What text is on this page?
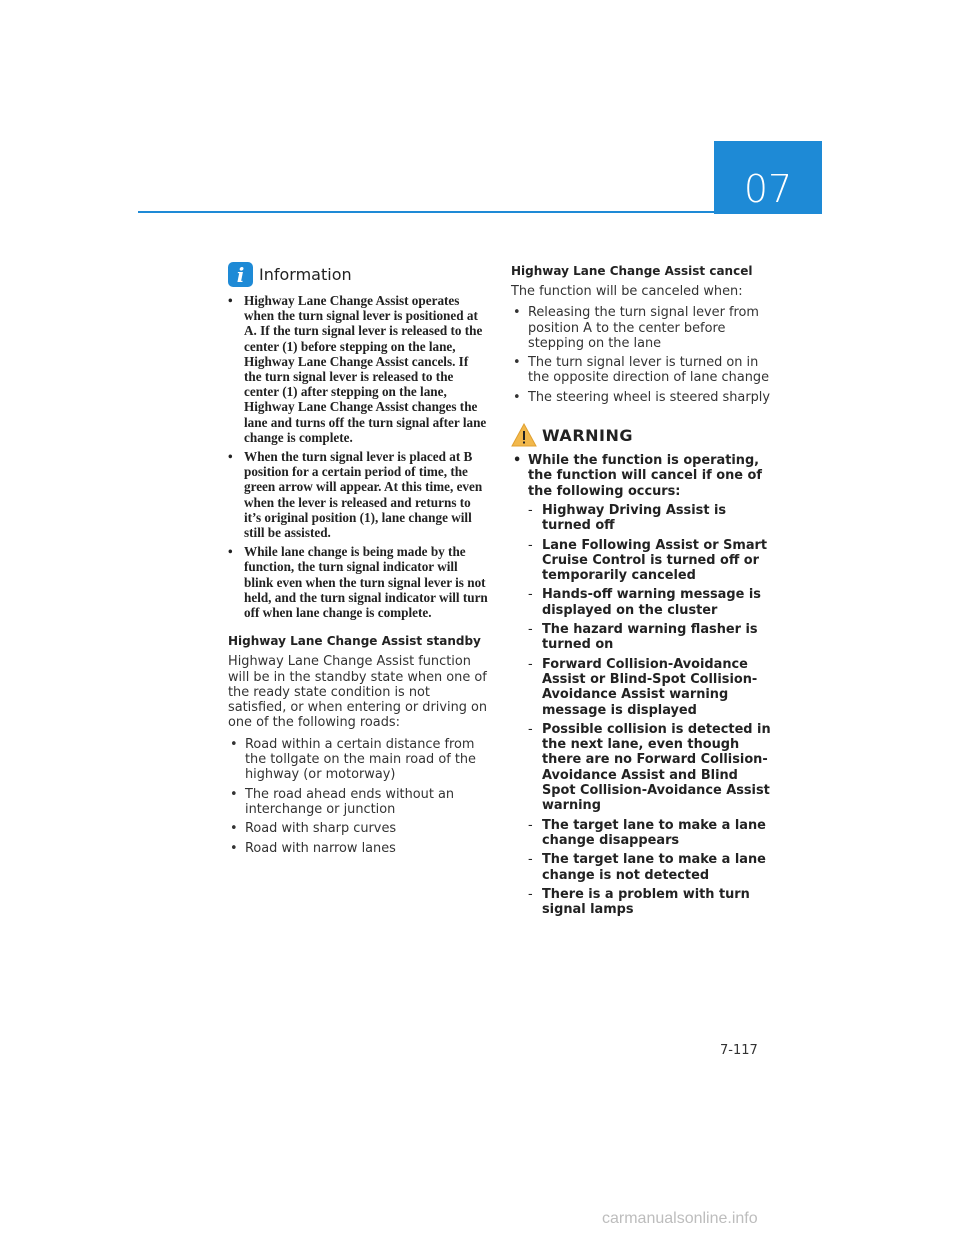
07
i Information
• Highway Lane Change Assist operates when the turn signal lever is positioned at A. If the turn signal lever is released to the center (1) before stepping on the lane, Highway Lane Change Assist cancels. If the turn signal lever is released to the center (1) after stepping on the lane, Highway Lane Change Assist changes the lane and turns off the turn signal after lane change is complete.
• When the turn signal lever is placed at B position for a certain period of time, the green arrow will appear. At this time, even when the lever is released and returns to it’s original position (1), lane change will still be assisted.
• While lane change is being made by the function, the turn signal indicator will blink even when the turn signal lever is not held, and the turn signal indicator will turn off when lane change is complete.
Highway Lane Change Assist standby

Highway Lane Change Assist function will be in the standby state when one of the ready state condition is not satisfied, or when entering or driving on one of the following roads:

• Road within a certain distance from the tollgate on the main road of the highway (or motorway)
• The road ahead ends without an interchange or junction
• Road with sharp curves
• Road with narrow lanes
Highway Lane Change Assist cancel

The function will be canceled when:

• Releasing the turn signal lever from position A to the center before stepping on the lane
• The turn signal lever is turned on in the opposite direction of lane change
• The steering wheel is steered sharply
WARNING
• While the function is operating, the function will cancel if one of the following occurs:
- Highway Driving Assist is turned off
- Lane Following Assist or Smart Cruise Control is turned off or temporarily canceled
- Hands-off warning message is displayed on the cluster
- The hazard warning flasher is turned on
- Forward Collision-Avoidance Assist or Blind-Spot Collision-Avoidance Assist warning message is displayed
- Possible collision is detected in the next lane, even though there are no Forward Collision-Avoidance Assist and Blind Spot Collision-Avoidance Assist warning
- The target lane to make a lane change disappears
- The target lane to make a lane change is not detected
- There is a problem with turn signal lamps
7-117
carmanualsonline.info
